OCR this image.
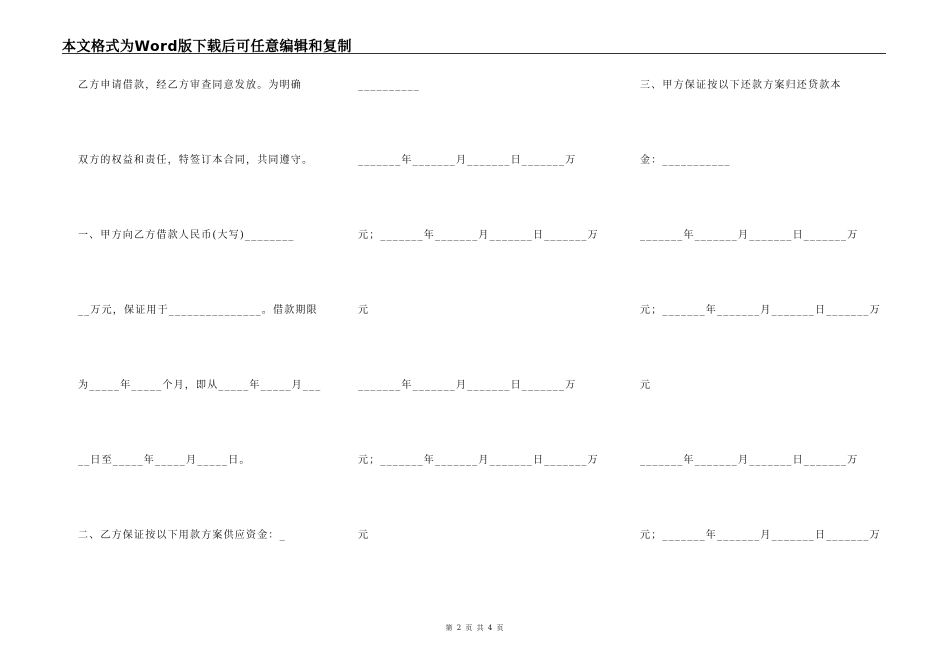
本文格式为Word版下载后可任意编辑和复制
乙方申请借款，经乙方审查同意发放。为明确
双方的权益和责任，特签订本合同，共同遵守。
一、甲方向乙方借款人民币(大写)________
__万元，保证用于_______________。借款期限
为_____年_____个月，即从_____年_____月___
__日至_____年_____月_____日。
二、乙方保证按以下用款方案供应资金：_
__________
_______年_______月_______日_______万
元；_______年_______月_______日_______万
元
_______年_______月_______日_______万
元；_______年_______月_______日_______万
元
三、甲方保证按以下还款方案归还贷款本
金：___________
_______年_______月_______日_______万
元；_______年_______月_______日_______万
元
_______年_______月_______日_______万
元；_______年_______月_______日_______万
第 2 页 共 4 页
